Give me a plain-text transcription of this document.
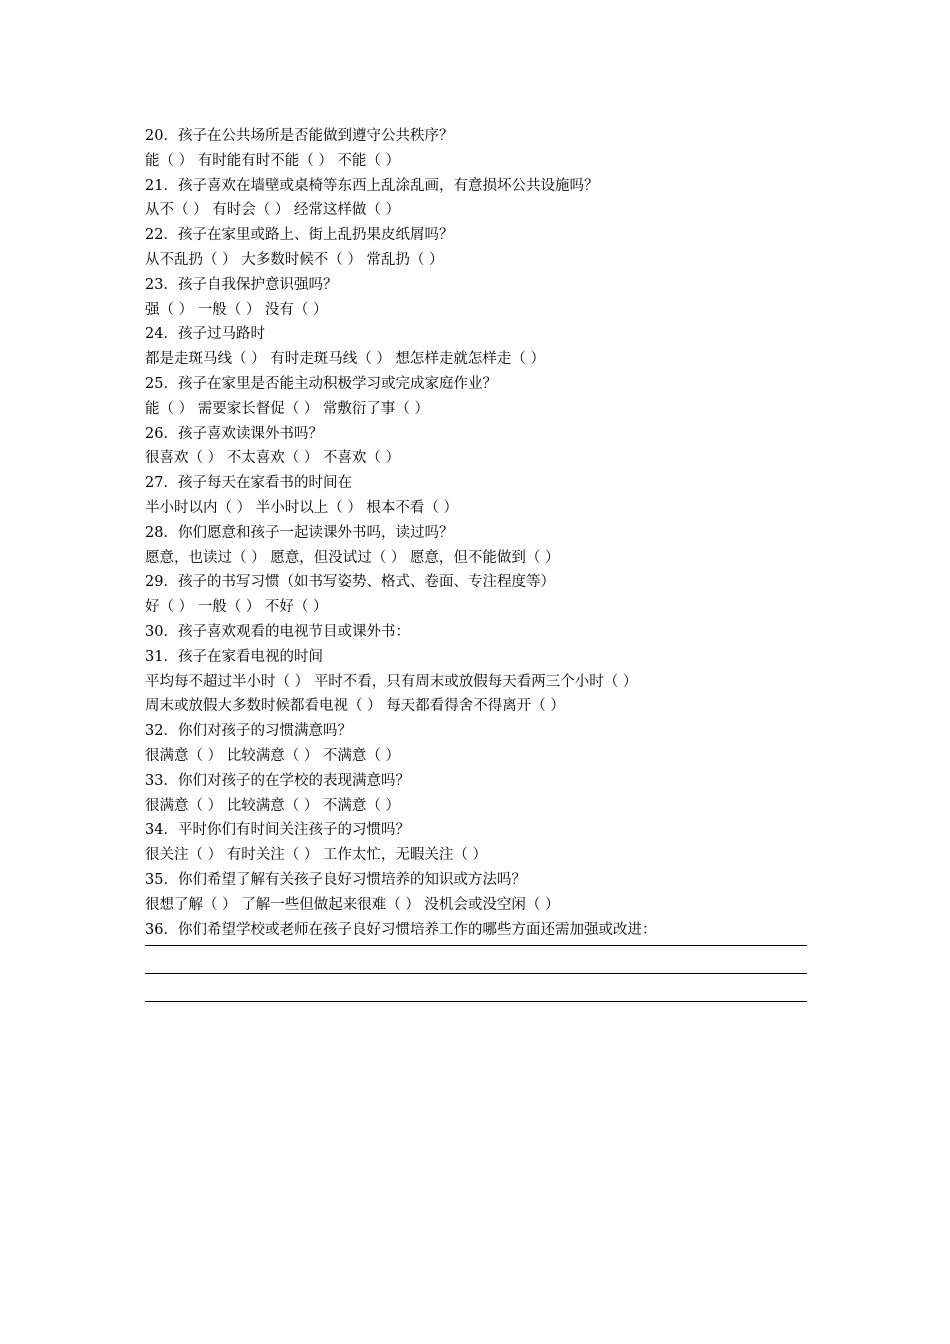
20．孩子在公共场所是否能做到遵守公共秩序？
能（ ） 有时能有时不能（ ） 不能（ ）
21．孩子喜欢在墙壁或桌椅等东西上乱涂乱画，有意损坏公共设施吗？
从不（ ） 有时会（ ） 经常这样做（ ）
22．孩子在家里或路上、街上乱扔果皮纸屑吗？
从不乱扔（ ） 大多数时候不（ ） 常乱扔（ ）
23．孩子自我保护意识强吗？
强（ ） 一般（ ） 没有（ ）
24．孩子过马路时
都是走斑马线（ ） 有时走斑马线（ ） 想怎样走就怎样走（ ）
25．孩子在家里是否能主动积极学习或完成家庭作业？
能（ ） 需要家长督促（ ） 常敷衍了事（ ）
26．孩子喜欢读课外书吗？
很喜欢（ ） 不太喜欢（ ） 不喜欢（ ）
27．孩子每天在家看书的时间在
半小时以内（ ） 半小时以上（ ） 根本不看（ ）
28．你们愿意和孩子一起读课外书吗，读过吗？
愿意，也读过（ ） 愿意，但没试过（ ） 愿意，但不能做到（ ）
29．孩子的书写习惯（如书写姿势、格式、卷面、专注程度等）
好（ ） 一般（ ） 不好（ ）
30．孩子喜欢观看的电视节目或课外书：
31．孩子在家看电视的时间
平均每不超过半小时（ ） 平时不看，只有周末或放假每天看两三个小时（ ）
周末或放假大多数时候都看电视（ ） 每天都看得舍不得离开（ ）
32．你们对孩子的习惯满意吗？
很满意（ ） 比较满意（ ） 不满意（ ）
33．你们对孩子的在学校的表现满意吗？
很满意（ ） 比较满意（ ） 不满意（ ）
34．平时你们有时间关注孩子的习惯吗？
很关注（ ） 有时关注（ ） 工作太忙，无暇关注（ ）
35．你们希望了解有关孩子良好习惯培养的知识或方法吗？
很想了解（ ） 了解一些但做起来很难（ ） 没机会或没空闲（ ）
36．你们希望学校或老师在孩子良好习惯培养工作的哪些方面还需加强或改进：
